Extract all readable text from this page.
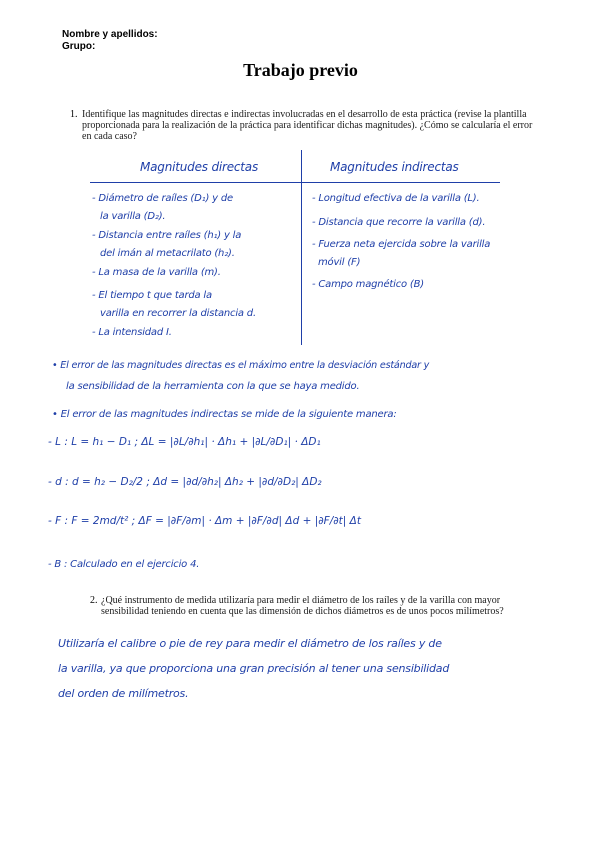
Nombre y apellidos:
Grupo:
Trabajo previo
1. Identifique las magnitudes directas e indirectas involucradas en el desarrollo de esta práctica (revise la plantilla proporcionada para la realización de la práctica para identificar dichas magnitudes). ¿Cómo se calcularía el error en cada caso?
Magnitudes directas	Magnitudes indirectas
- Diámetro de raíles (D₁) y de
la varilla (D₂).
- Distancia entre raíles (h₁) y la
del imán al metacrilato (h₂).
- La masa de la varilla (m).
- El tiempo t que tarda la
varilla en recorrer la distancia d.
- La intensidad I.
- Longitud efectiva de la varilla (L).
- Distancia que recorre la varilla (d).
- Fuerza neta ejercida sobre la varilla
móvil (F)
- Campo magnético (B)
• El error de las magnitudes directas es el máximo entre la desviación estándar y
la sensibilidad de la herramienta con la que se haya medido.
• El error de las magnitudes indirectas se mide de la siguiente manera:
- L : L = h₁ − D₁ ; ΔL = |∂L/∂h₁| · Δh₁ + |∂L/∂D₁| · ΔD₁
- d : d = h₂ − D₂/2 ; Δd = |∂d/∂h₂| Δh₂ + |∂d/∂D₂| ΔD₂
- F : F = 2md/t² ; ΔF = |∂F/∂m| · Δm + |∂F/∂d| Δd + |∂F/∂t| Δt
- B : Calculado en el ejercicio 4.
2. ¿Qué instrumento de medida utilizaría para medir el diámetro de los raíles y de la varilla con mayor sensibilidad teniendo en cuenta que las dimensión de dichos diámetros es de unos pocos milímetros?
Utilizaría el calibre o pie de rey para medir el diámetro de los raíles y de
la varilla, ya que proporciona una gran precisión al tener una sensibilidad
del orden de milímetros.
